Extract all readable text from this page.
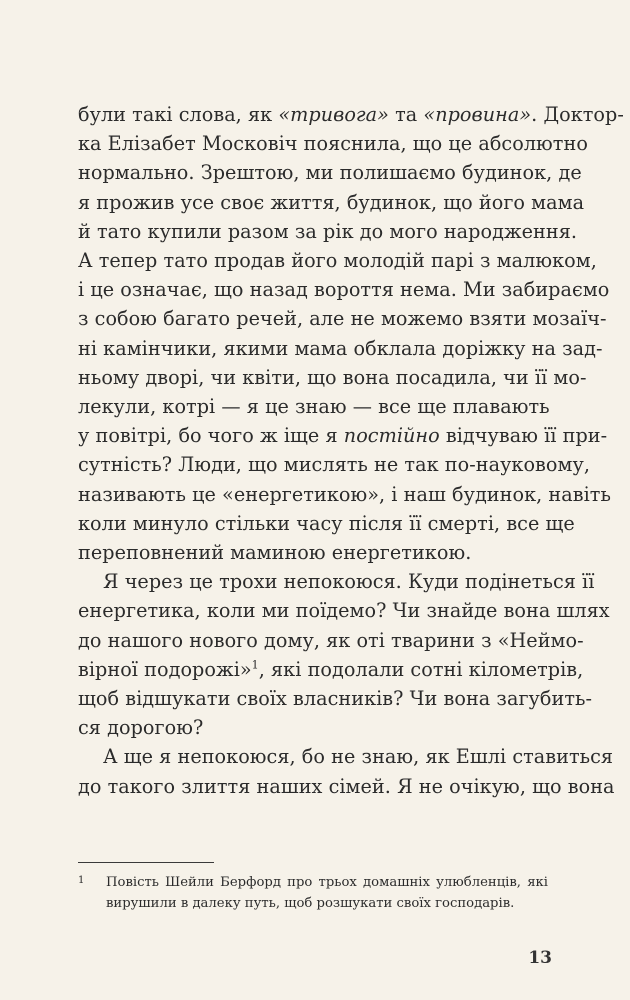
були такі слова, як «тривога» та «провина». Доктор-
ка Елізабет Московіч пояснила, що це абсолютно
нормально. Зрештою, ми полишаємо будинок, де
я прожив усе своє життя, будинок, що його мама
й тато купили разом за рік до мого народження.
А тепер тато продав його молодій парі з малюком,
і це означає, що назад вороття нема. Ми забираємо
з собою багато речей, але не можемо взяти мозаїч-
ні камінчики, якими мама обклала доріжку на зад-
ньому дворі, чи квіти, що вона посадила, чи її мо-
лекули, котрі — я це знаю — все ще плавають
у повітрі, бо чого ж іще я постійно відчуваю її при-
сутність? Люди, що мислять не так по-науковому,
називають це «енергетикою», і наш будинок, навіть
коли минуло стільки часу після її смерті, все ще
переповнений маминою енергетикою.
Я через це трохи непокоюся. Куди подінеться її
енергетика, коли ми поїдемо? Чи знайде вона шлях
до нашого нового дому, як оті тварини з «Неймо-
вірної подорожі»$^1$, які подолали сотні кілометрів,
щоб відшукати своїх власників? Чи вона загубить-
ся дорогою?
А ще я непокоюся, бо не знаю, як Ешлі ставиться
до такого злиття наших сімей. Я не очікую, що вона
1 Повість Шейли Берфорд про трьох домашніх улюбленців, які
вирушили в далеку путь, щоб розшукати своїх господарів.
13
